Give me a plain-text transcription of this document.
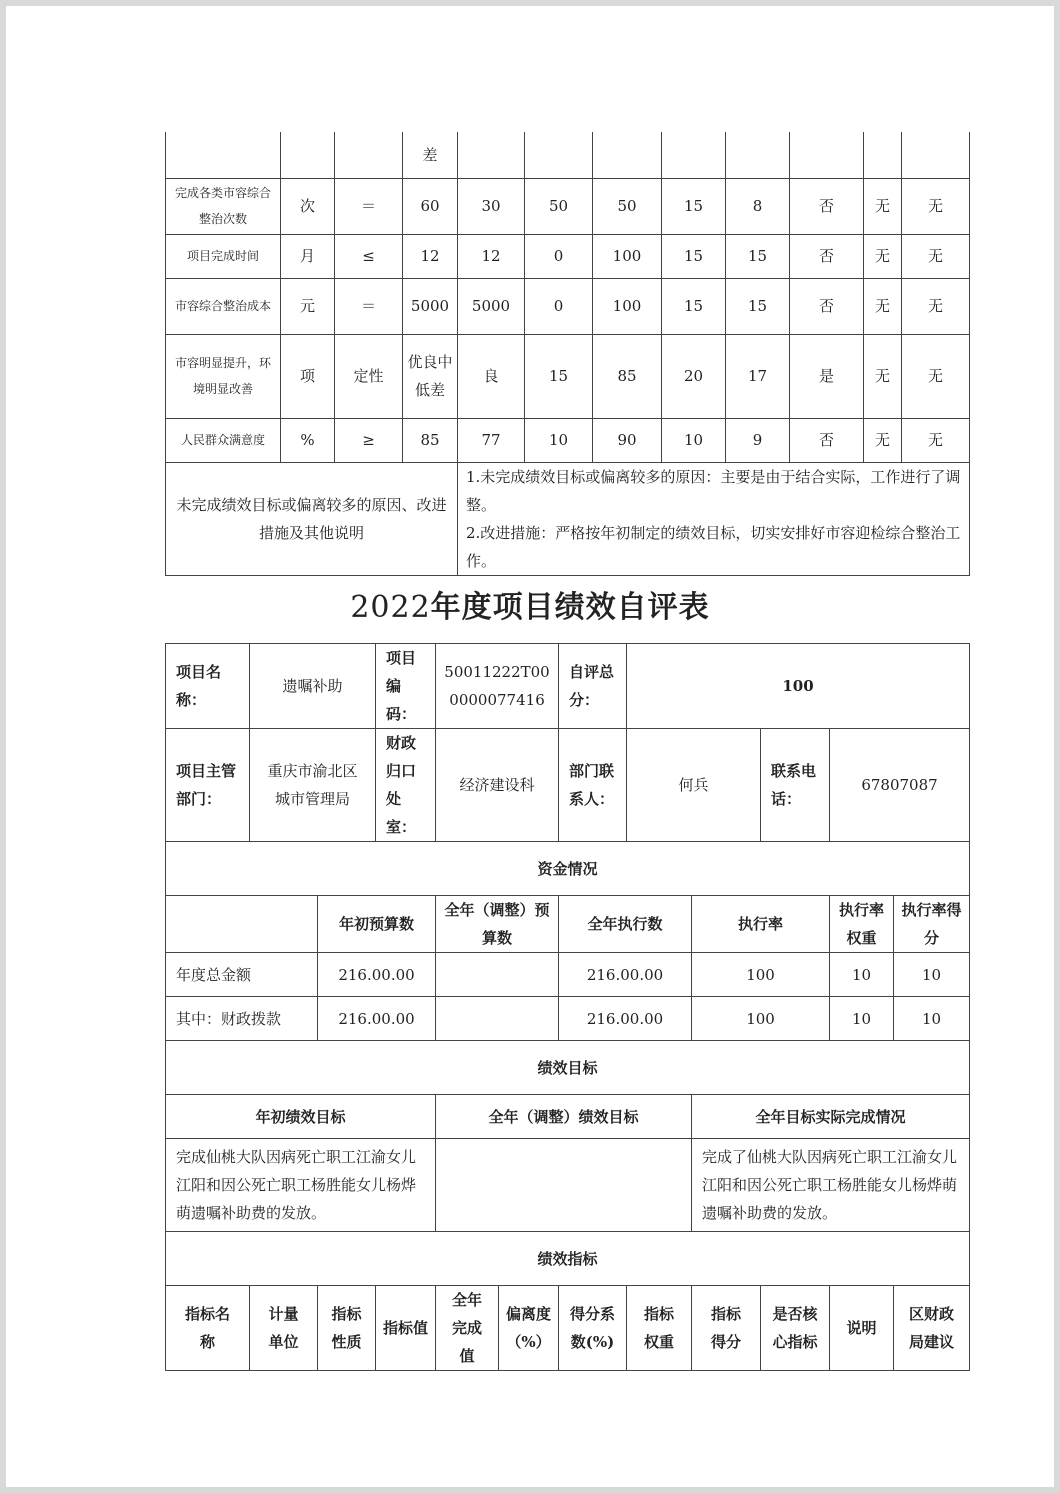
			差								
完成各类市容综合整治次数	次	＝	60	30	50	50	15	8	否	无	无
项目完成时间	月	≤	12	12	0	100	15	15	否	无	无
市容综合整治成本	元	＝	5000	5000	0	100	15	15	否	无	无
市容明显提升，环境明显改善	项	定性	优良中低差	良	15	85	20	17	是	无	无
人民群众满意度	%	≥	85	77	10	90	10	9	否	无	无
未完成绩效目标或偏离较多的原因、改进措施及其他说明				1.未完成绩效目标或偏离较多的原因：主要是由于结合实际，工作进行了调整。
2.改进措施：严格按年初制定的绩效目标，切实安排好市容迎检综合整治工作。							
2022年度项目绩效自评表
项目名称：	遗嘱补助		项目编码：	50011222T000000077416		自评总分：	100				
项目主管部门：	重庆市渝北区城市管理局		财政归口处室：	经济建设科		部门联系人：	何兵		联系电话：	67807087	
资金情况											
		年初预算数		全年（调整）预算数		全年执行数		执行率		执行率权重	执行率得分
年度总金额		216.00.00				216.00.00		100		10	10
其中：财政拨款		216.00.00				216.00.00		100		10	10
绩效目标											
年初绩效目标				全年（调整）绩效目标				全年目标实际完成情况			
完成仙桃大队因病死亡职工江渝女儿江阳和因公死亡职工杨胜能女儿杨烨萌遗嘱补助费的发放。								完成了仙桃大队因病死亡职工江渝女儿江阳和因公死亡职工杨胜能女儿杨烨萌遗嘱补助费的发放。			
绩效指标											
指标名称	计量单位	指标性质	指标值	全年完成值	偏离度（%）	得分系数(%)	指标权重	指标得分	是否核心指标	说明	区财政局建议
